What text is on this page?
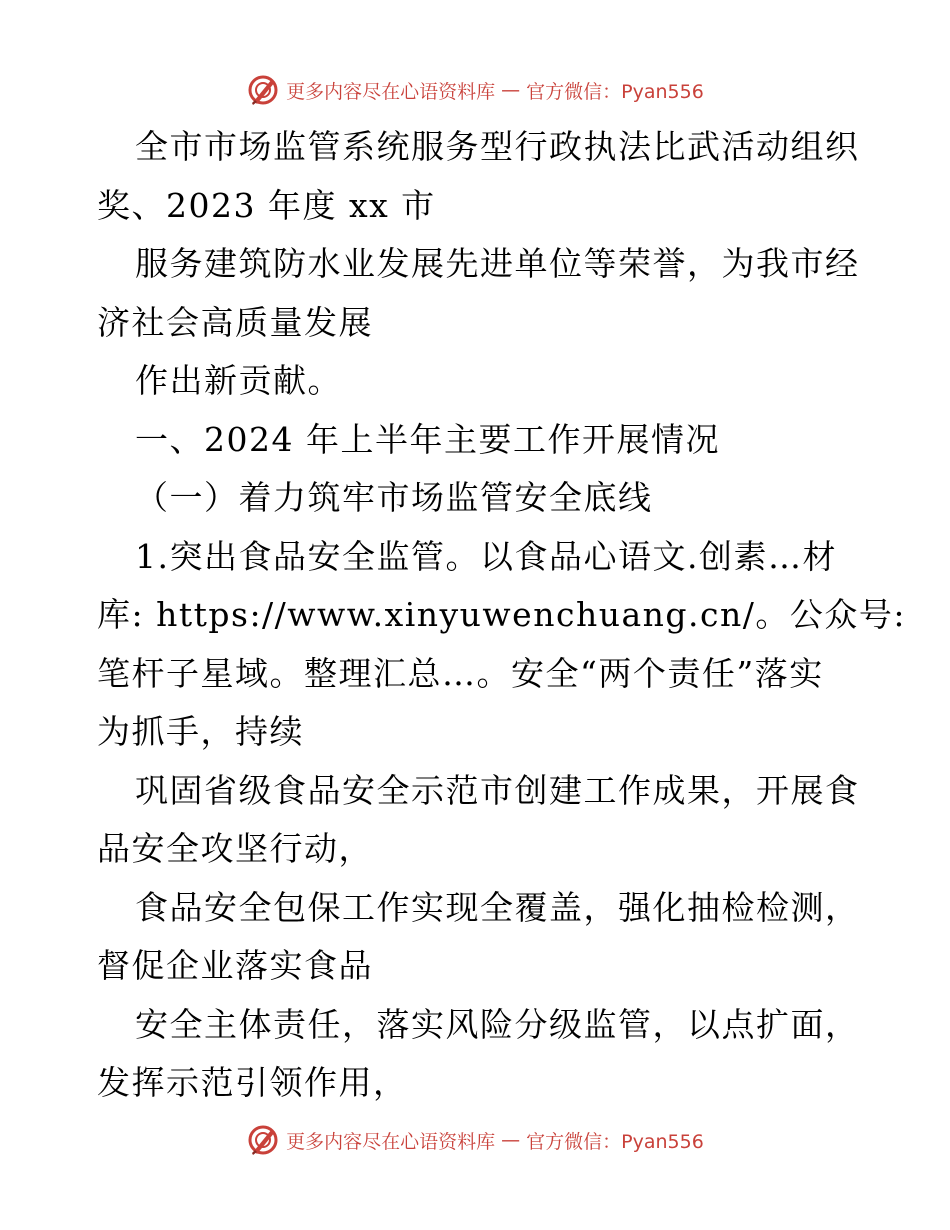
更多内容尽在心语资料库 — 官方微信：Pyan556
全市市场监管系统服务型行政执法比武活动组织
奖、2023 年度 xx 市
服务建筑防水业发展先进单位等荣誉，为我市经
济社会高质量发展
作出新贡献。
一、2024 年上半年主要工作开展情况
（一）着力筑牢市场监管安全底线
1.突出食品安全监管。以食品心语文.创素…材
库: https://www.xinyuwenchuang.cn/。公众号:
笔杆子星域。整理汇总…。安全“两个责任”落实
为抓手，持续
巩固省级食品安全示范市创建工作成果，开展食
品安全攻坚行动，
食品安全包保工作实现全覆盖，强化抽检检测，
督促企业落实食品
安全主体责任，落实风险分级监管，以点扩面，
发挥示范引领作用，
更多内容尽在心语资料库 — 官方微信：Pyan556
